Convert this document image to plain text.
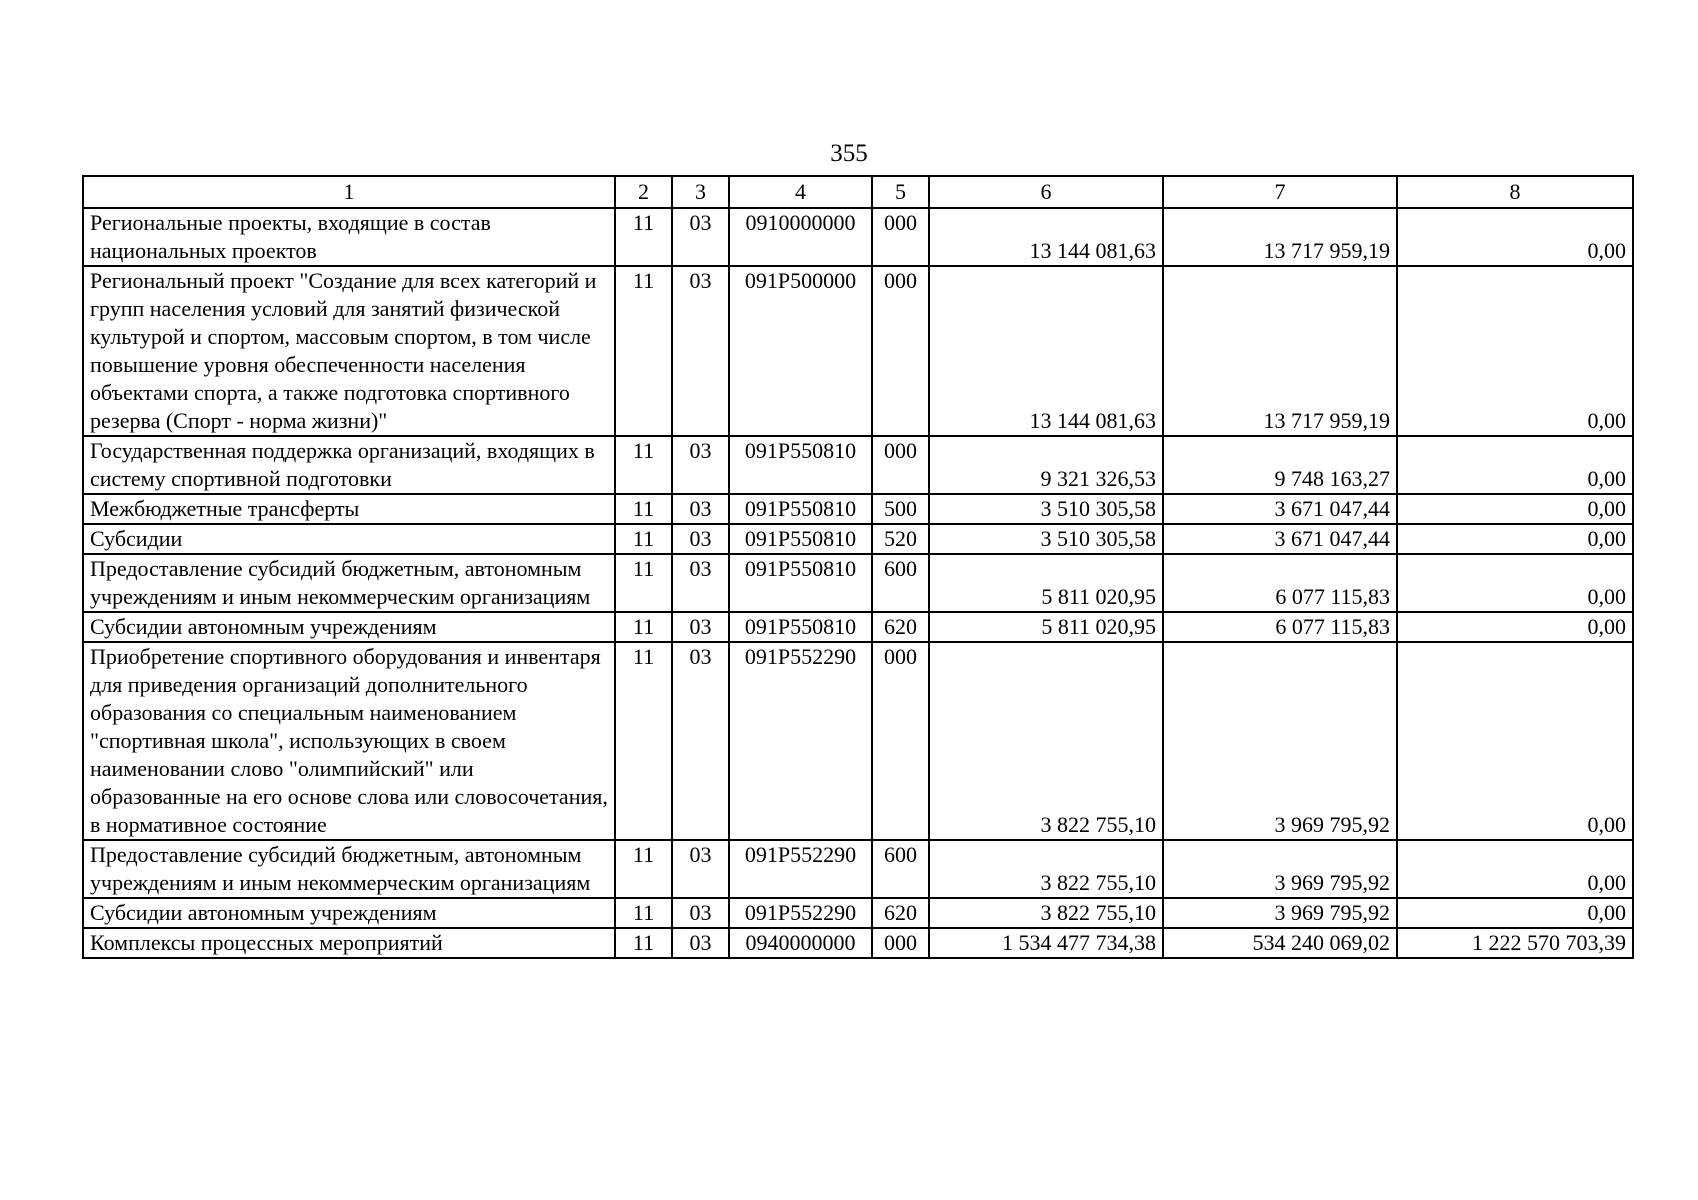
355
1	2	3	4	5	6	7	8
Региональные проекты, входящие в состав национальных проектов	11	03	0910000000	000	13 144 081,63	13 717 959,19	0,00
Региональный проект "Создание для всех категорий и групп населения условий для занятий физической культурой и спортом, массовым спортом, в том числе повышение уровня обеспеченности населения объектами спорта, а также подготовка спортивного резерва (Спорт - норма жизни)"	11	03	091P500000	000	13 144 081,63	13 717 959,19	0,00
Государственная поддержка организаций, входящих в систему спортивной подготовки	11	03	091P550810	000	9 321 326,53	9 748 163,27	0,00
Межбюджетные трансферты	11	03	091P550810	500	3 510 305,58	3 671 047,44	0,00
Субсидии	11	03	091P550810	520	3 510 305,58	3 671 047,44	0,00
Предоставление субсидий бюджетным, автономным учреждениям и иным некоммерческим организациям	11	03	091P550810	600	5 811 020,95	6 077 115,83	0,00
Субсидии автономным учреждениям	11	03	091P550810	620	5 811 020,95	6 077 115,83	0,00
Приобретение спортивного оборудования и инвентаря для приведения организаций дополнительного образования со специальным наименованием "спортивная школа", использующих в своем наименовании слово "олимпийский" или образованные на его основе слова или словосочетания, в нормативное состояние	11	03	091P552290	000	3 822 755,10	3 969 795,92	0,00
Предоставление субсидий бюджетным, автономным учреждениям и иным некоммерческим организациям	11	03	091P552290	600	3 822 755,10	3 969 795,92	0,00
Субсидии автономным учреждениям	11	03	091P552290	620	3 822 755,10	3 969 795,92	0,00
Комплексы процессных мероприятий	11	03	0940000000	000	1 534 477 734,38	534 240 069,02	1 222 570 703,39
